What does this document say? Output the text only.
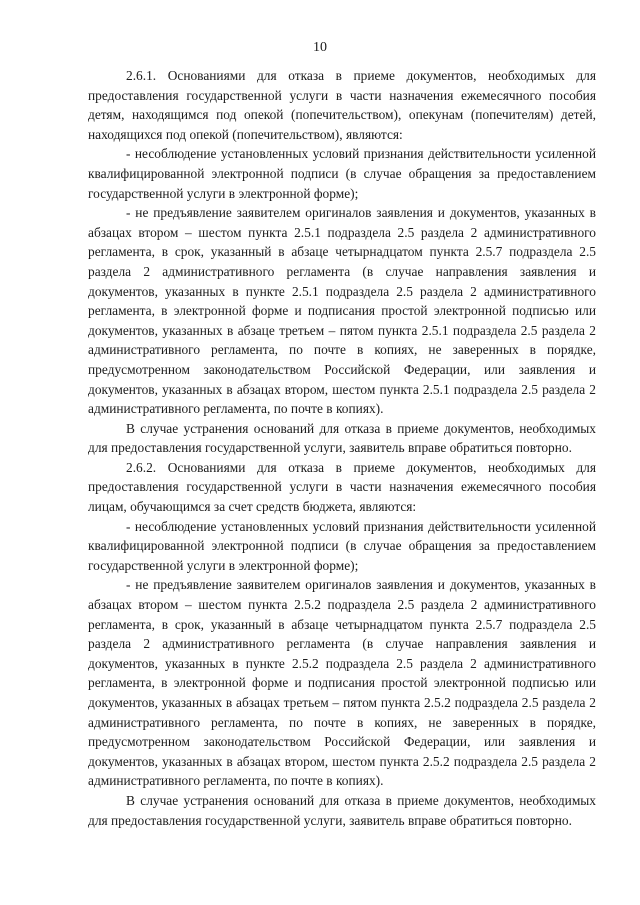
10

2.6.1. Основаниями для отказа в приеме документов, необходимых для предоставления государственной услуги в части назначения ежемесячного пособия детям, находящимся под опекой (попечительством), опекунам (попечителям) детей, находящихся под опекой (попечительством), являются:

- несоблюдение установленных условий признания действительности усиленной квалифицированной электронной подписи (в случае обращения за предоставлением государственной услуги в электронной форме);

- не предъявление заявителем оригиналов заявления и документов, указанных в абзацах втором – шестом пункта 2.5.1 подраздела 2.5 раздела 2 административного регламента, в срок, указанный в абзаце четырнадцатом пункта 2.5.7 подраздела 2.5 раздела 2 административного регламента (в случае направления заявления и документов, указанных в пункте 2.5.1 подраздела 2.5 раздела 2 административного регламента, в электронной форме и подписания простой электронной подписью или документов, указанных в абзаце третьем – пятом пункта 2.5.1 подраздела 2.5 раздела 2 административного регламента, по почте в копиях, не заверенных в порядке, предусмотренном законодательством Российской Федерации, или заявления и документов, указанных в абзацах втором, шестом пункта 2.5.1 подраздела 2.5 раздела 2 административного регламента, по почте в копиях).

В случае устранения оснований для отказа в приеме документов, необходимых для предоставления государственной услуги, заявитель вправе обратиться повторно.

2.6.2. Основаниями для отказа в приеме документов, необходимых для предоставления государственной услуги в части назначения ежемесячного пособия лицам, обучающимся за счет средств бюджета, являются:

- несоблюдение установленных условий признания действительности усиленной квалифицированной электронной подписи (в случае обращения за предоставлением государственной услуги в электронной форме);

- не предъявление заявителем оригиналов заявления и документов, указанных в абзацах втором – шестом пункта 2.5.2 подраздела 2.5 раздела 2 административного регламента, в срок, указанный в абзаце четырнадцатом пункта 2.5.7 подраздела 2.5 раздела 2 административного регламента (в случае направления заявления и документов, указанных в пункте 2.5.2 подраздела 2.5 раздела 2 административного регламента, в электронной форме и подписания простой электронной подписью или документов, указанных в абзацах третьем – пятом пункта 2.5.2 подраздела 2.5 раздела 2 административного регламента, по почте в копиях, не заверенных в порядке, предусмотренном законодательством Российской Федерации, или заявления и документов, указанных в абзацах втором, шестом пункта 2.5.2 подраздела 2.5 раздела 2 административного регламента, по почте в копиях).

В случае устранения оснований для отказа в приеме документов, необходимых для предоставления государственной услуги, заявитель вправе обратиться повторно.
